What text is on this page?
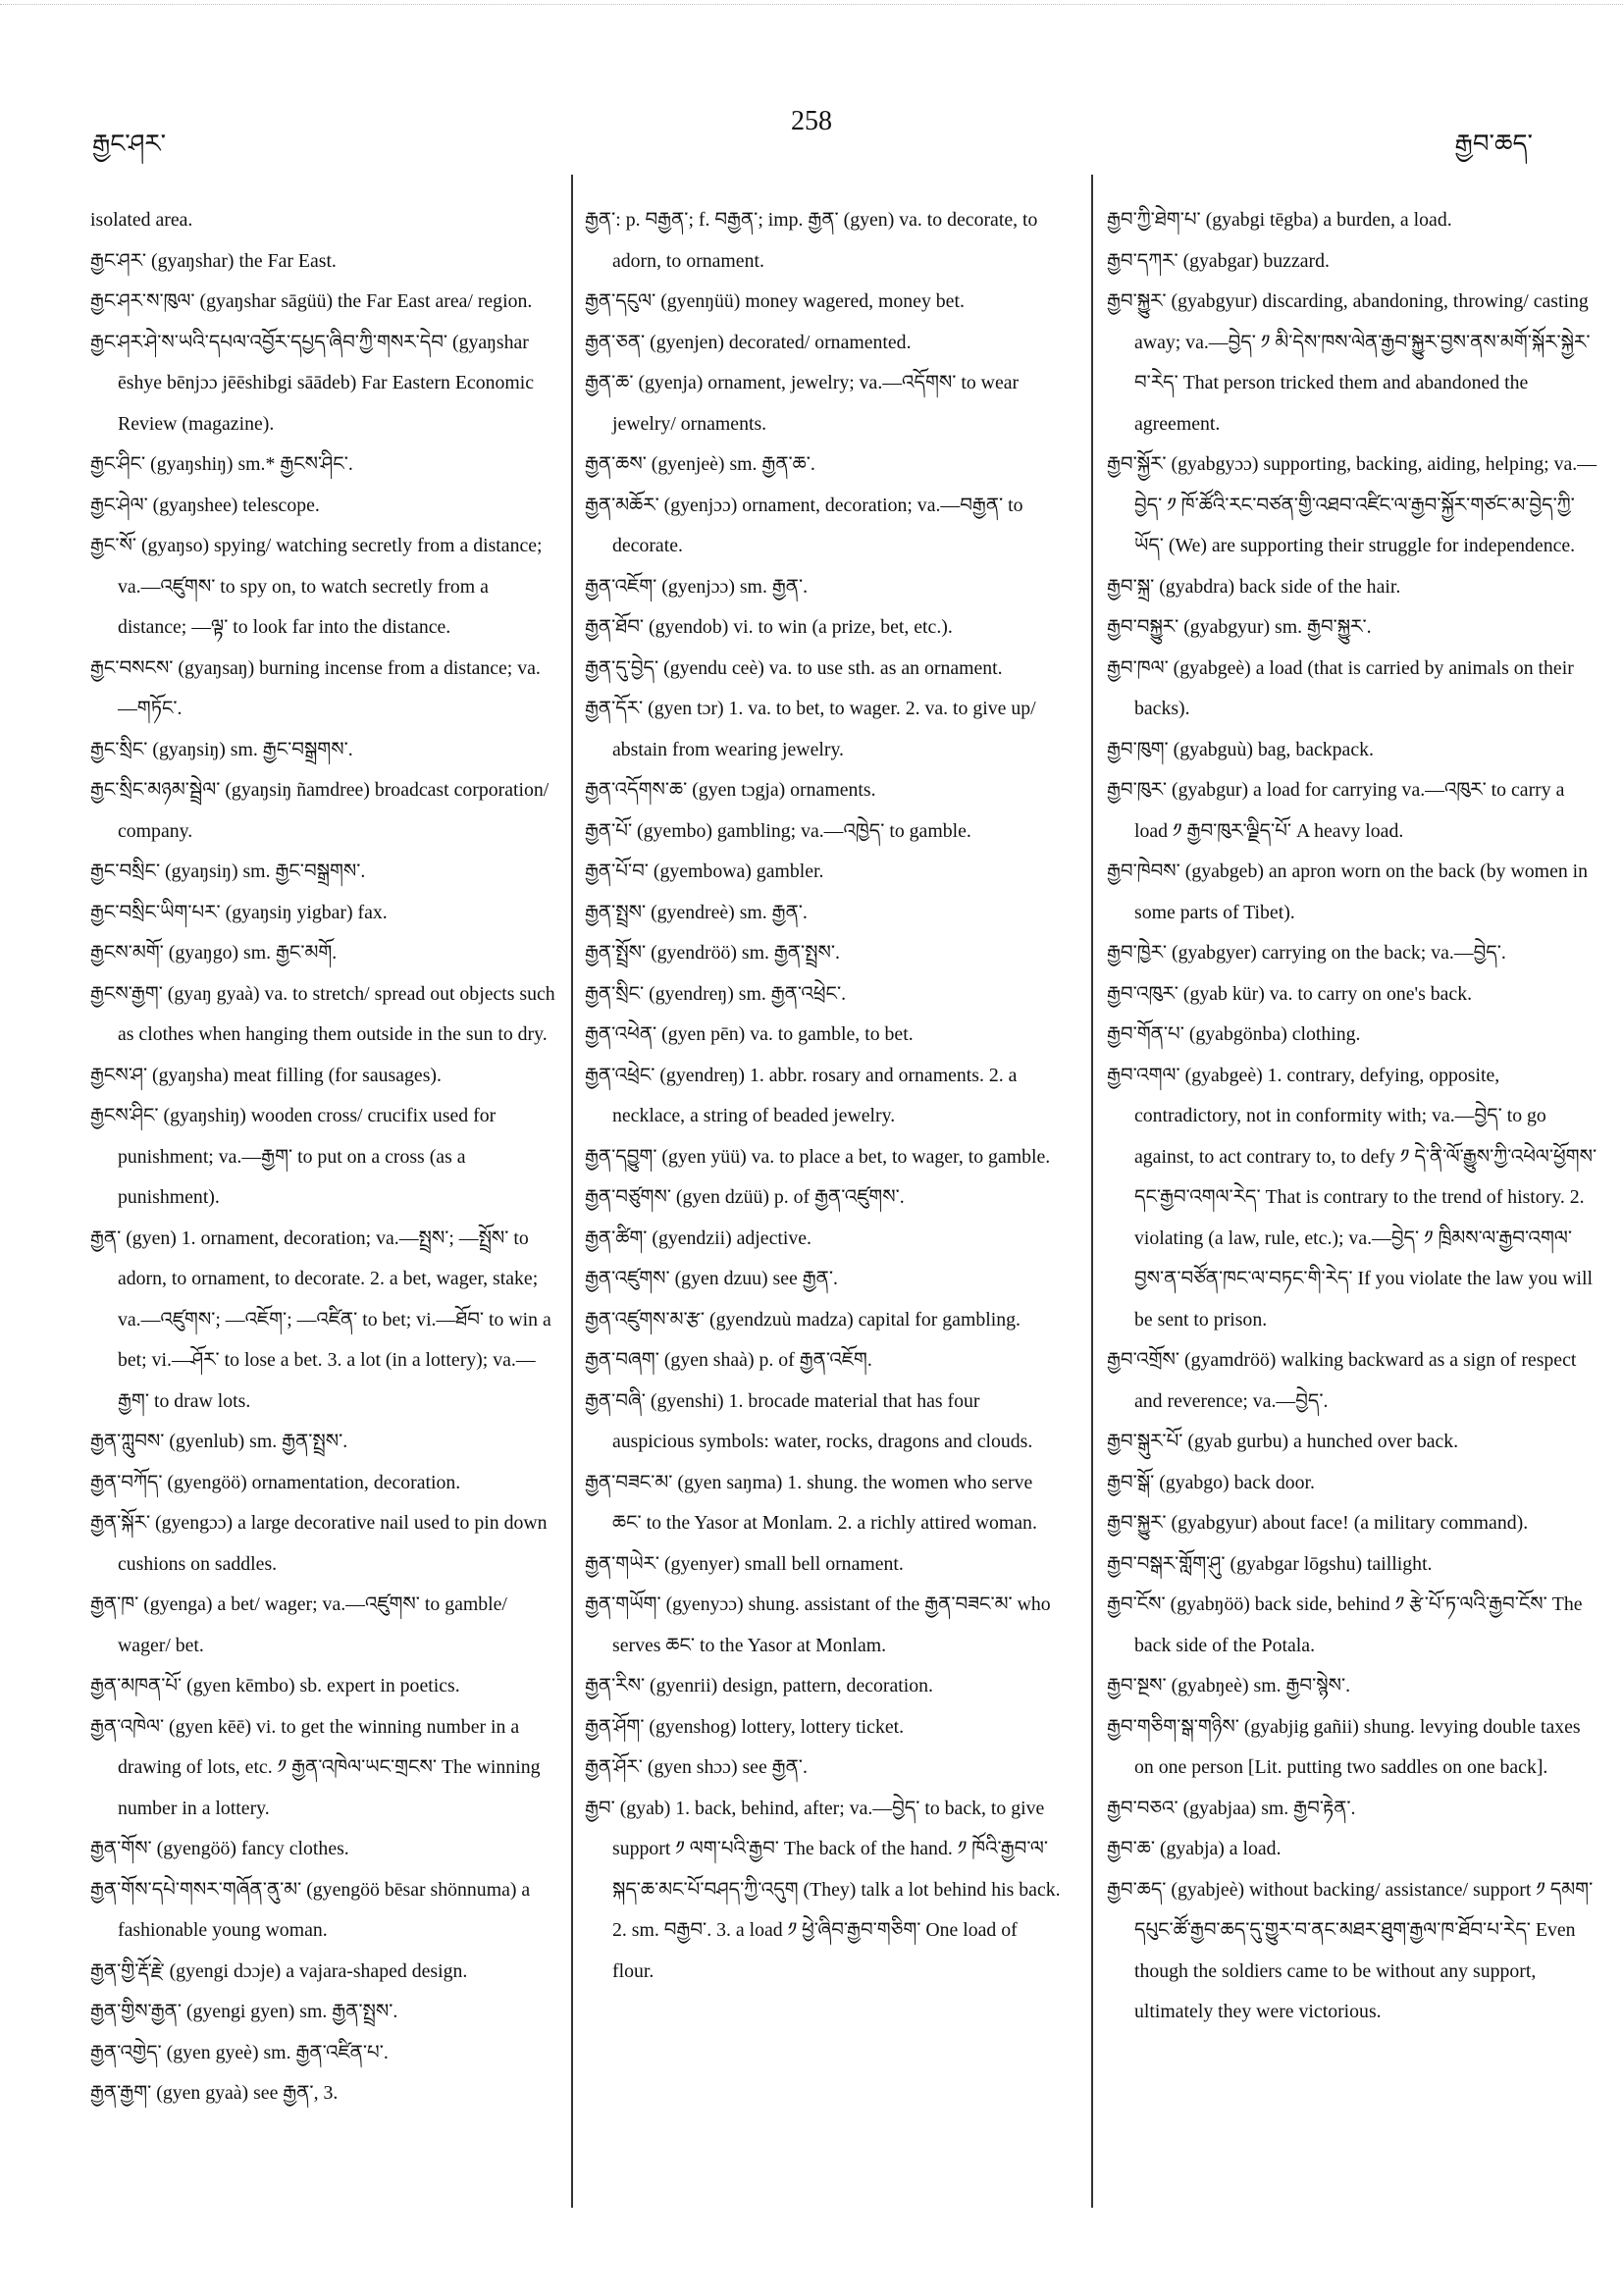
རྒྱང་ཤར་
258
རྒྱབ་ཆད་

isolated area.

རྒྱང་ཤར་ (gyaŋshar) the Far East.

རྒྱང་ཤར་ས་ཁུལ་ (gyaŋshar sāgüü) the Far East area/ region.

རྒྱང་ཤར་ཤེ་ས་ཡའི་དཔལ་འབྱོར་དཔྱད་ཞིབ་ཀྱི་གསར་དེབ་ (gyaŋshar ēshye bēnjɔɔ jēēshibgi sāādeb) Far Eastern Economic Review (magazine).

རྒྱང་ཤིང་ (gyaŋshiŋ) sm.* རྒྱངས་ཤིང་.

རྒྱང་ཤེལ་ (gyaŋshee) telescope.

རྒྱང་སོ་ (gyaŋso) spying/ watching secretly from a distance; va.—འཛུགས་ to spy on, to watch secretly from a distance; —ལྟ་ to look far into the distance.

རྒྱང་བསངས་ (gyaŋsaŋ) burning incense from a distance; va.—གཏོང་.

རྒྱང་སྲིང་ (gyaŋsiŋ) sm. རྒྱང་བསྒྲགས་.

རྒྱང་སྲིང་མཉམ་སྦྲེལ་ (gyaŋsiŋ ñamdree) broadcast corporation/ company.

རྒྱང་བསྲིང་ (gyaŋsiŋ) sm. རྒྱང་བསྒྲགས་.

རྒྱང་བསྲིང་ཡིག་པར་ (gyaŋsiŋ yigbar) fax.

རྒྱངས་མགོ་ (gyaŋgo) sm. རྒྱང་མགོ.

རྒྱངས་རྒྱག་ (gyaŋ gyaà) va. to stretch/ spread out objects such as clothes when hanging them outside in the sun to dry.

རྒྱངས་ཤ་ (gyaŋsha) meat filling (for sausages).

རྒྱངས་ཤིང་ (gyaŋshiŋ) wooden cross/ crucifix used for punishment; va.—རྒྱག་ to put on a cross (as a punishment).

རྒྱན་ (gyen) 1. ornament, decoration; va.—སྤྲས་; —སྤྲོས་ to adorn, to ornament, to decorate. 2. a bet, wager, stake; va.—འཛུགས་; —འཇོག་; —འཛིན་ to bet; vi.—ཐོབ་ to win a bet; vi.—ཤོར་ to lose a bet. 3. a lot (in a lottery); va.—རྒྱག་ to draw lots.

རྒྱན་ཀླུབས་ (gyenlub) sm. རྒྱན་སྤྲས་.

རྒྱན་བཀོད་ (gyengöö) ornamentation, decoration.

རྒྱན་སྐོར་ (gyengɔɔ) a large decorative nail used to pin down cushions on saddles.

རྒྱན་ཁ་ (gyenga) a bet/ wager; va.—འཛུགས་ to gamble/ wager/ bet.

རྒྱན་མཁན་པོ་ (gyen kēmbo) sb. expert in poetics.

རྒྱན་འཁེལ་ (gyen kēē) vi. to get the winning number in a drawing of lots, etc. ༡ རྒྱན་འཁེལ་ཡང་གྲངས་ The winning number in a lottery.

རྒྱན་གོས་ (gyengöö) fancy clothes.

རྒྱན་གོས་དཔེ་གསར་གཞོན་ནུ་མ་ (gyengöö bēsar shönnuma) a fashionable young woman.

རྒྱན་གྱི་རྡོ་རྗེ་ (gyengi dɔɔje) a vajara-shaped design.

རྒྱན་གྱིས་རྒྱན་ (gyengi gyen) sm. རྒྱན་སྤྲས་.

རྒྱན་འགྱེད་ (gyen gyeè) sm. རྒྱན་འཛིན་པ་.

རྒྱན་རྒྱག་ (gyen gyaà) see རྒྱན་, 3.

རྒྱན་: p. བརྒྱན་; f. བརྒྱན་; imp. རྒྱན་ (gyen) va. to decorate, to adorn, to ornament.

རྒྱན་དངུལ་ (gyenŋüü) money wagered, money bet.

རྒྱན་ཅན་ (gyenjen) decorated/ ornamented.

རྒྱན་ཆ་ (gyenja) ornament, jewelry; va.—འདོགས་ to wear jewelry/ ornaments.

རྒྱན་ཆས་ (gyenjeè) sm. རྒྱན་ཆ་.

རྒྱན་མཆོར་ (gyenjɔɔ) ornament, decoration; va.—བརྒྱན་ to decorate.

རྒྱན་འཇོག་ (gyenjɔɔ) sm. རྒྱན་.

རྒྱན་ཐོབ་ (gyendob) vi. to win (a prize, bet, etc.).

རྒྱན་དུ་བྱེད་ (gyendu ceè) va. to use sth. as an ornament.

རྒྱན་དོར་ (gyen tɔr) 1. va. to bet, to wager. 2. va. to give up/ abstain from wearing jewelry.

རྒྱན་འདོགས་ཆ་ (gyen tɔgja) ornaments.

རྒྱན་པོ་ (gyembo) gambling; va.—འཁྱེད་ to gamble.

རྒྱན་པོ་བ་ (gyembowa) gambler.

རྒྱན་སྤྲས་ (gyendreè) sm. རྒྱན་.

རྒྱན་སྤྲོས་ (gyendröö) sm. རྒྱན་སྤྲས་.

རྒྱན་སྲིང་ (gyendreŋ) sm. རྒྱན་འཕྲེང་.

རྒྱན་འཕེན་ (gyen pēn) va. to gamble, to bet.

རྒྱན་འཕྲེང་ (gyendreŋ) 1. abbr. rosary and ornaments. 2. a necklace, a string of beaded jewelry.

རྒྱན་དབྱུག་ (gyen yüü) va. to place a bet, to wager, to gamble.

རྒྱན་བཙུགས་ (gyen dzüü) p. of རྒྱན་འཛུགས་.

རྒྱན་ཚིག་ (gyendzii) adjective.

རྒྱན་འཛུགས་ (gyen dzuu) see རྒྱན་.

རྒྱན་འཛུགས་མ་རྩ་ (gyendzuù madza) capital for gambling.

རྒྱན་བཞག་ (gyen shaà) p. of རྒྱན་འཇོག.

རྒྱན་བཞི་ (gyenshi) 1. brocade material that has four auspicious symbols: water, rocks, dragons and clouds.

རྒྱན་བཟང་མ་ (gyen saŋma) 1. shung. the women who serve ཆང་ to the Yasor at Monlam. 2. a richly attired woman.

རྒྱན་གཡེར་ (gyenyer) small bell ornament.

རྒྱན་གཡོག་ (gyenyɔɔ) shung. assistant of the རྒྱན་བཟང་མ་ who serves ཆང་ to the Yasor at Monlam.

རྒྱན་རིས་ (gyenrii) design, pattern, decoration.

རྒྱན་ཤོག་ (gyenshog) lottery, lottery ticket.

རྒྱན་ཤོར་ (gyen shɔɔ) see རྒྱན་.

རྒྱབ་ (gyab) 1. back, behind, after; va.—བྱེད་ to back, to give support ༡ ལག་པའི་རྒྱབ་ The back of the hand. ༡ ཁོའི་རྒྱབ་ལ་སྐད་ཆ་མང་པོ་བཤད་ཀྱི་འདུག (They) talk a lot behind his back. 2. sm. བརྒྱབ་. 3. a load ༡ ཕྱེ་ཞིབ་རྒྱབ་གཅིག་ One load of flour.

རྒྱབ་ཀྱི་ཐེག་པ་ (gyabgi tēgba) a burden, a load.

རྒྱབ་དཀར་ (gyabgar) buzzard.

རྒྱབ་སྐྱུར་ (gyabgyur) discarding, abandoning, throwing/ casting away; va.—བྱེད་ ༡ མི་དེས་ཁས་ལེན་རྒྱབ་སྐྱུར་བྱས་ནས་མགོ་སྐོར་སྐྱེར་བ་རེད་ That person tricked them and abandoned the agreement.

རྒྱབ་སྐྱོར་ (gyabgyɔɔ) supporting, backing, aiding, helping; va.—བྱེད་ ༡ ཁོ་ཚོའི་རང་བཙན་གྱི་འཐབ་འཛིང་ལ་རྒྱབ་སྐྱོར་གཙང་མ་བྱེད་ཀྱི་ཡོད་ (We) are supporting their struggle for independence.

རྒྱབ་སྐྲ་ (gyabdra) back side of the hair.

རྒྱབ་བསྐྱུར་ (gyabgyur) sm. རྒྱབ་སྐྱུར་.

རྒྱབ་ཁལ་ (gyabgeè) a load (that is carried by animals on their backs).

རྒྱབ་ཁུག་ (gyabguù) bag, backpack.

རྒྱབ་ཁུར་ (gyabgur) a load for carrying va.—འཁུར་ to carry a load ༡ རྒྱབ་ཁུར་ལྗིད་པོ་ A heavy load.

རྒྱབ་ཁེབས་ (gyabgeb) an apron worn on the back (by women in some parts of Tibet).

རྒྱབ་ཁྱེར་ (gyabgyer) carrying on the back; va.—བྱེད་.

རྒྱབ་འཁུར་ (gyab kür) va. to carry on one's back.

རྒྱབ་གོན་པ་ (gyabgönba) clothing.

རྒྱབ་འགལ་ (gyabgeè) 1. contrary, defying, opposite, contradictory, not in conformity with; va.—བྱེད་ to go against, to act contrary to, to defy ༡ དེ་ནི་ལོ་རྒྱུས་ཀྱི་འཕེལ་ཕྱོགས་དང་རྒྱབ་འགལ་རེད་ That is contrary to the trend of history. 2. violating (a law, rule, etc.); va.—བྱེད་ ༡ ཁྲིམས་ལ་རྒྱབ་འགལ་བྱས་ན་བཙོན་ཁང་ལ་བཏང་གི་རེད་ If you violate the law you will be sent to prison.

རྒྱབ་འགྲོས་ (gyamdröö) walking backward as a sign of respect and reverence; va.—བྱེད་.

རྒྱབ་སྒུར་པོ་ (gyab gurbu) a hunched over back.

རྒྱབ་སྒོ་ (gyabgo) back door.

རྒྱབ་སྐྱུར་ (gyabgyur) about face! (a military command).

རྒྱབ་བསྒར་གློག་ཤུ་ (gyabgar lōgshu) taillight.

རྒྱབ་ངོས་ (gyabŋöö) back side, behind ༡ རྩེ་པོ་ཏ་ལའི་རྒྱབ་ངོས་ The back side of the Potala.

རྒྱབ་སྔས་ (gyabŋeè) sm. རྒྱབ་སྙེས་.

རྒྱབ་གཅིག་སྒ་གཉིས་ (gyabjig gañii) shung. levying double taxes on one person [Lit. putting two saddles on one back].

རྒྱབ་བཅའ་ (gyabjaa) sm. རྒྱབ་རྟེན་.

རྒྱབ་ཆ་ (gyabja) a load.

རྒྱབ་ཆད་ (gyabjeè) without backing/ assistance/ support ༡ དམག་དཔུང་ཚོ་རྒྱབ་ཆད་དུ་གྱུར་བ་ནང་མཐར་ཐུག་རྒྱལ་ཁ་ཐོབ་པ་རེད་ Even though the soldiers came to be without any support, ultimately they were victorious.
